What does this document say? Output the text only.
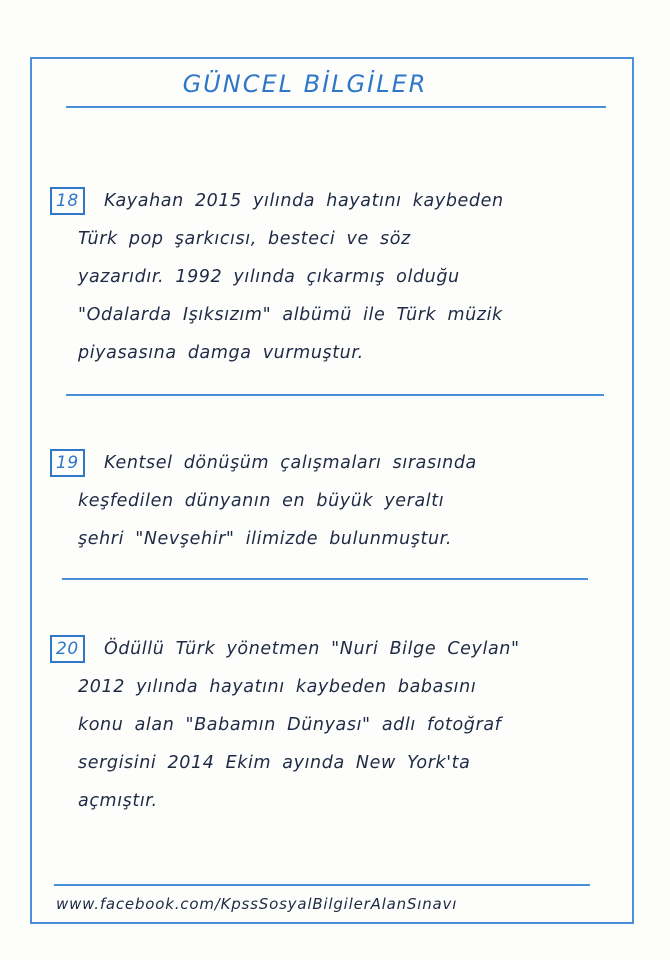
GÜNCEL BİLGİLER
18 Kayahan 2015 yılında hayatını kaybeden
Türk pop şarkıcısı, besteci ve söz
yazarıdır. 1992 yılında çıkarmış olduğu
"Odalarda Işıksızım" albümü ile Türk müzik
piyasasına damga vurmuştur.
19 Kentsel dönüşüm çalışmaları sırasında
keşfedilen dünyanın en büyük yeraltı
şehri "Nevşehir" ilimizde bulunmuştur.
20 Ödüllü Türk yönetmen "Nuri Bilge Ceylan"
2012 yılında hayatını kaybeden babasını
konu alan "Babamın Dünyası" adlı fotoğraf
sergisini 2014 Ekim ayında New York'ta
açmıştır.
www.facebook.com/KpssSosyalBilgilerAlanSınavı
